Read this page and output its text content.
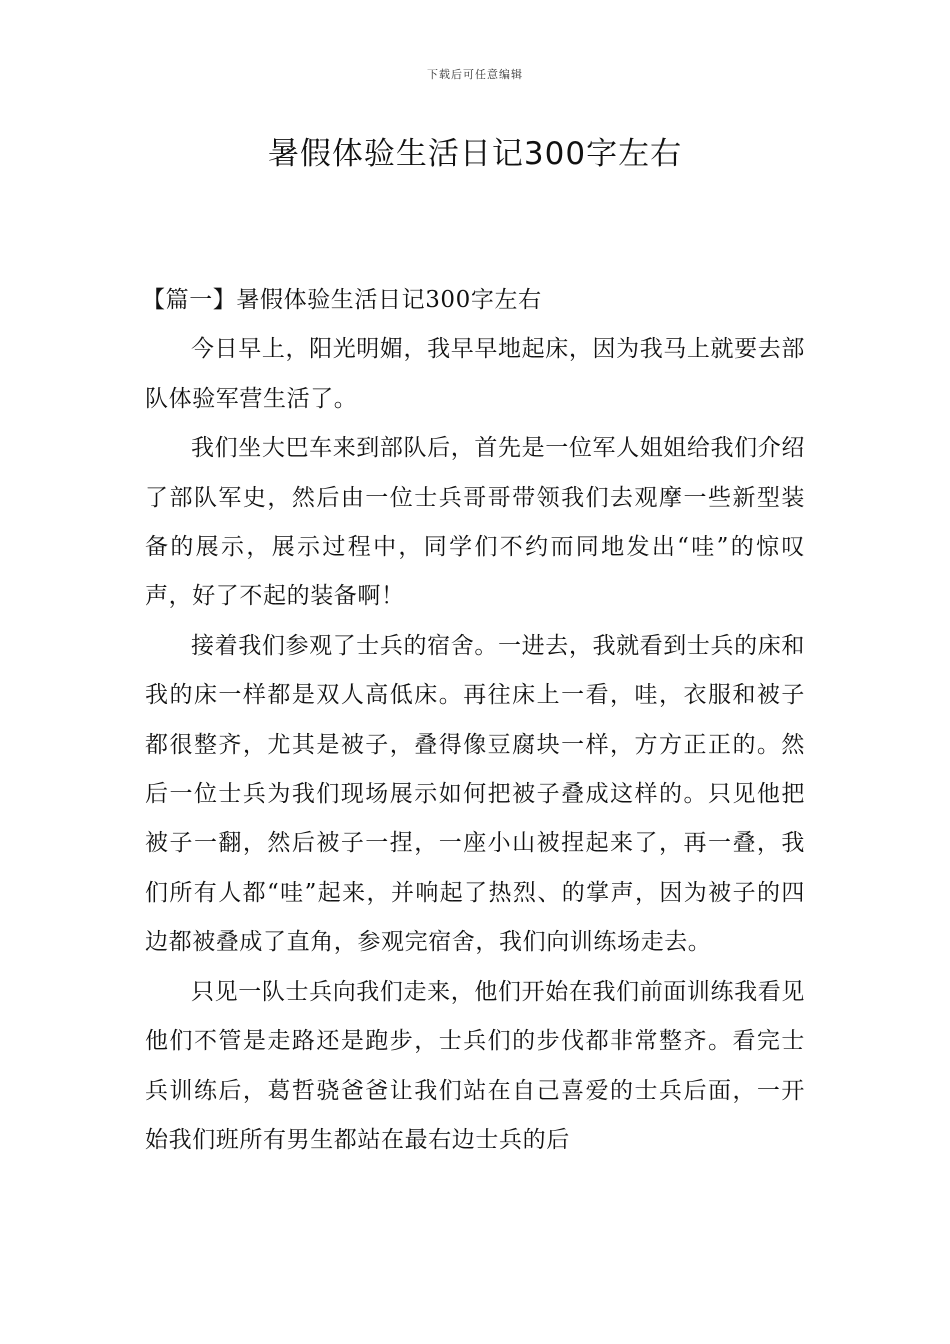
下载后可任意编辑
暑假体验生活日记300字左右
【篇一】暑假体验生活日记300字左右

今日早上，阳光明媚，我早早地起床，因为我马上就要去部队体验军营生活了。

我们坐大巴车来到部队后，首先是一位军人姐姐给我们介绍了部队军史，然后由一位士兵哥哥带领我们去观摩一些新型装备的展示，展示过程中，同学们不约而同地发出“哇”的惊叹声，好了不起的装备啊！

接着我们参观了士兵的宿舍。一进去，我就看到士兵的床和我的床一样都是双人高低床。再往床上一看，哇，衣服和被子都很整齐，尤其是被子，叠得像豆腐块一样，方方正正的。然后一位士兵为我们现场展示如何把被子叠成这样的。只见他把被子一翻，然后被子一捏，一座小山被捏起来了，再一叠，我们所有人都“哇”起来，并响起了热烈、的掌声，因为被子的四边都被叠成了直角，参观完宿舍，我们向训练场走去。

只见一队士兵向我们走来，他们开始在我们前面训练我看见他们不管是走路还是跑步，士兵们的步伐都非常整齐。看完士兵训练后，葛哲骁爸爸让我们站在自己喜爱的士兵后面，一开始我们班所有男生都站在最右边士兵的后
